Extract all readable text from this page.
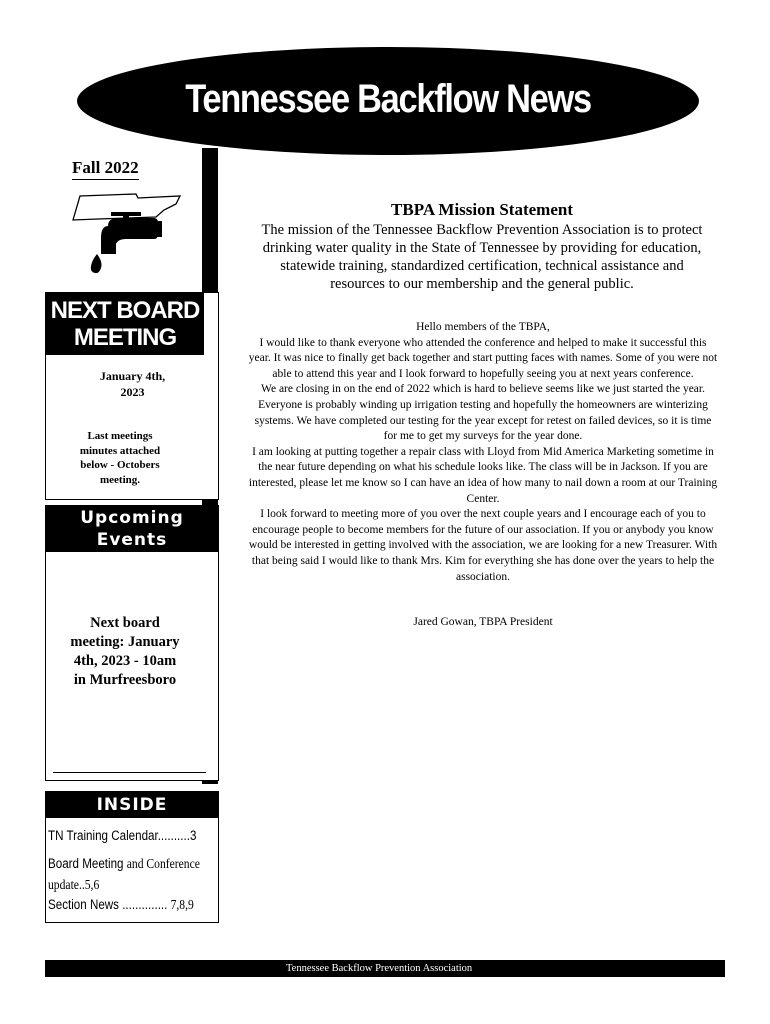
Tennessee Backflow News
Fall 2022
NEXT BOARD
MEETING
January 4th,
2023
Last meetings
minutes attached
below - Octobers
meeting.
Upcoming
Events
Next board
meeting: January
4th, 2023 - 10am
in Murfreesboro
INSIDE
TN Training Calendar..........3
Board Meeting and Conference
update..5,6
Section News .............. 7,8,9
TBPA Mission Statement
The mission of the Tennessee Backflow Prevention Association is to protect
drinking water quality in the State of Tennessee by providing for education,
statewide training, standardized certification, technical assistance and
resources to our membership and the general public.

Hello members of the TBPA,

I would like to thank everyone who attended the conference and helped to make it successful this year. It was nice to finally get back together and start putting faces with names. Some of you were not able to attend this year and I look forward to hopefully seeing you at next years conference.

We are closing in on the end of 2022 which is hard to believe seems like we just started the year. Everyone is probably winding up irrigation testing and hopefully the homeowners are winterizing systems. We have completed our testing for the year except for retest on failed devices, so it is time for me to get my surveys for the year done.

I am looking at putting together a repair class with Lloyd from Mid America Marketing sometime in the near future depending on what his schedule looks like. The class will be in Jackson. If you are interested, please let me know so I can have an idea of how many to nail down a room at our Training Center.

I look forward to meeting more of you over the next couple years and I encourage each of you to encourage people to become members for the future of our association. If you or anybody you know would be interested in getting involved with the association, we are looking for a new Treasurer. With that being said I would like to thank Mrs. Kim for everything she has done over the years to help the association.

Jared Gowan, TBPA President
Tennessee Backflow Prevention Association
